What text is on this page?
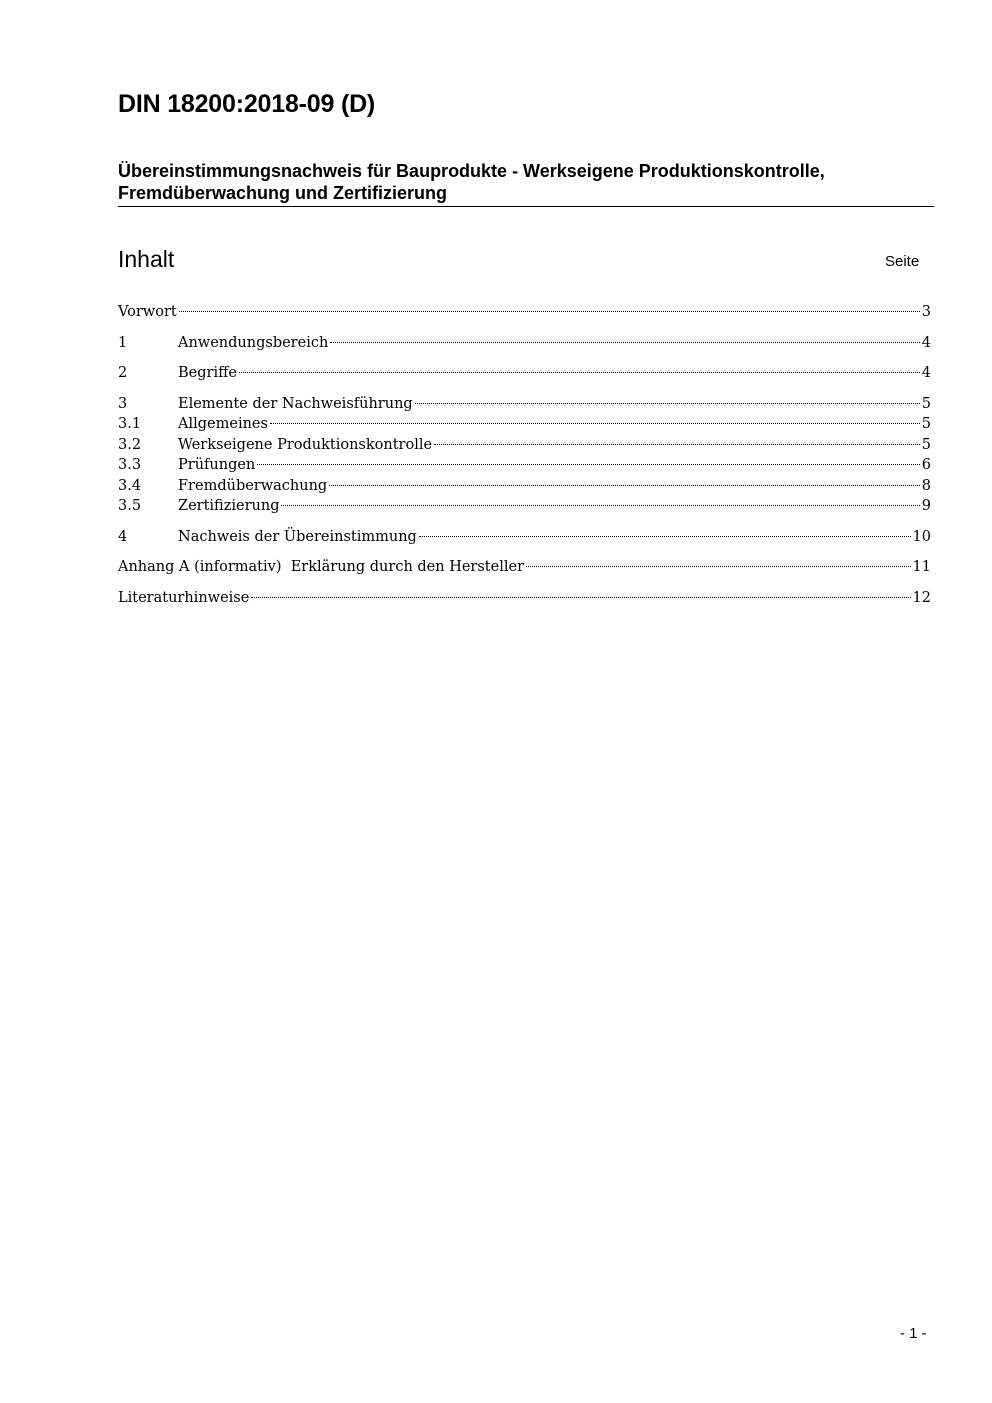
DIN 18200:2018-09 (D)
Übereinstimmungsnachweis für Bauprodukte - Werkseigene Produktionskontrolle,
Fremdüberwachung und Zertifizierung
Inhalt	Seite
Vorwort	3
1	Anwendungsbereich	4
2	Begriffe	4
3	Elemente der Nachweisführung	5
3.1	Allgemeines	5
3.2	Werkseigene Produktionskontrolle	5
3.3	Prüfungen	6
3.4	Fremdüberwachung	8
3.5	Zertifizierung	9
4	Nachweis der Übereinstimmung	10
Anhang A (informativ)  Erklärung durch den Hersteller	11
Literaturhinweise	12
- 1 -
